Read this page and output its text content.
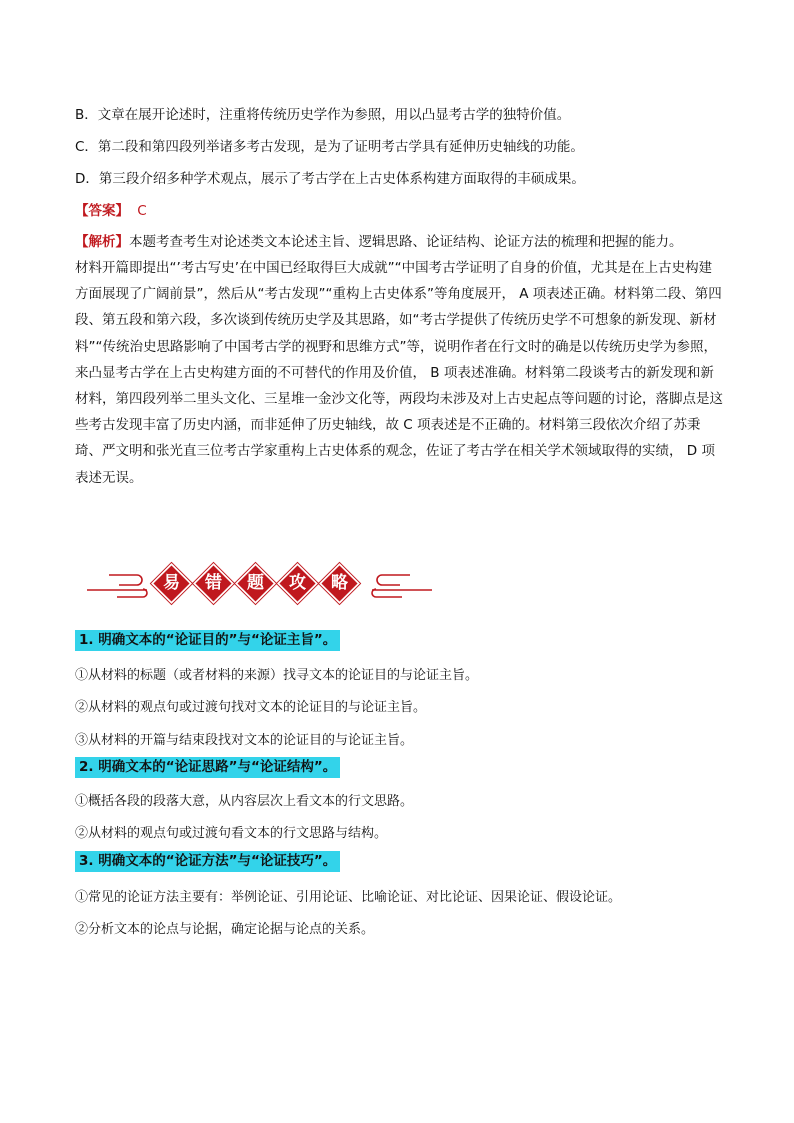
B．文章在展开论述时，注重将传统历史学作为参照，用以凸显考古学的独特价值。
C．第二段和第四段列举诸多考古发现，是为了证明考古学具有延伸历史轴线的功能。
D．第三段介绍多种学术观点，展示了考古学在上古史体系构建方面取得的丰硕成果。
【答案】 C
【解析】本题考查考生对论述类文本论述主旨、逻辑思路、论证结构、论证方法的梳理和把握的能力。
材料开篇即提出“’考古写史’在中国已经取得巨大成就”“中国考古学证明了自身的价值，尤其是在上古史构建方面展现了广阔前景”，然后从“考古发现”“重构上古史体系”等角度展开， A 项表述正确。材料第二段、第四段、第五段和第六段，多次谈到传统历史学及其思路，如“考古学提供了传统历史学不可想象的新发现、新材料”“传统治史思路影响了中国考古学的视野和思维方式”等，说明作者在行文时的确是以传统历史学为参照，来凸显考古学在上古史构建方面的不可替代的作用及价值， B 项表述准确。材料第二段谈考古的新发现和新材料，第四段列举二里头文化、三星堆一金沙文化等，两段均未涉及对上古史起点等问题的讨论，落脚点是这些考古发现丰富了历史内涵，而非延伸了历史轴线，故 C 项表述是不正确的。材料第三段依次介绍了苏秉琦、严文明和张光直三位考古学家重构上古史体系的观念，佐证了考古学在相关学术领域取得的实绩， D 项表述无误。
易	错	题	攻	略
1. 明确文本的“论证目的”与“论证主旨”。
①从材料的标题（或者材料的来源）找寻文本的论证目的与论证主旨。
②从材料的观点句或过渡句找对文本的论证目的与论证主旨。
③从材料的开篇与结束段找对文本的论证目的与论证主旨。
2. 明确文本的“论证思路”与“论证结构”。
①概括各段的段落大意，从内容层次上看文本的行文思路。
②从材料的观点句或过渡句看文本的行文思路与结构。
3. 明确文本的“论证方法”与“论证技巧”。
①常见的论证方法主要有：举例论证、引用论证、比喻论证、对比论证、因果论证、假设论证。
②分析文本的论点与论据，确定论据与论点的关系。
